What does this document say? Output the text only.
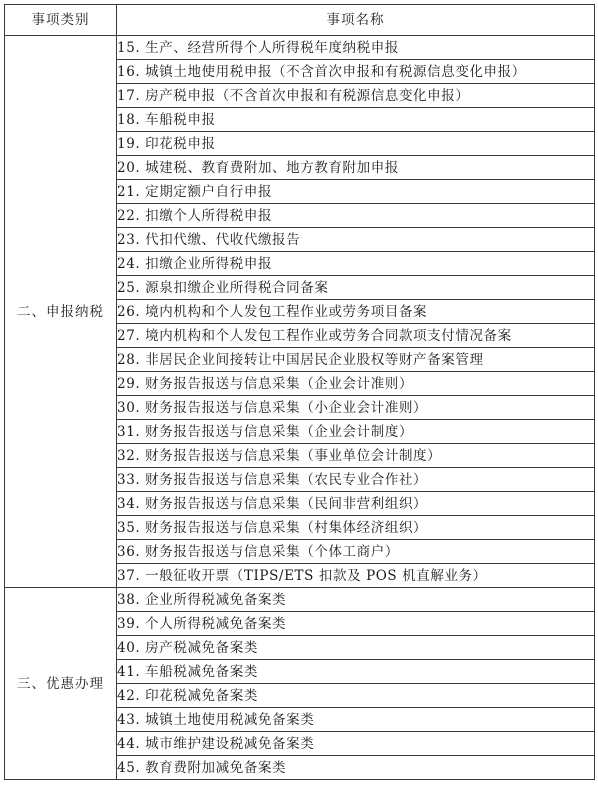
事项类别	事项名称
二、申报纳税	15. 生产、经营所得个人所得税年度纳税申报
	16. 城镇土地使用税申报（不含首次申报和有税源信息变化申报）
	17. 房产税申报（不含首次申报和有税源信息变化申报）
	18. 车船税申报
	19. 印花税申报
	20. 城建税、教育费附加、地方教育附加申报
	21. 定期定额户自行申报
	22. 扣缴个人所得税申报
	23. 代扣代缴、代收代缴报告
	24. 扣缴企业所得税申报
	25. 源泉扣缴企业所得税合同备案
	26. 境内机构和个人发包工程作业或劳务项目备案
	27. 境内机构和个人发包工程作业或劳务合同款项支付情况备案
	28. 非居民企业间接转让中国居民企业股权等财产备案管理
	29. 财务报告报送与信息采集（企业会计准则）
	30. 财务报告报送与信息采集（小企业会计准则）
	31. 财务报告报送与信息采集（企业会计制度）
	32. 财务报告报送与信息采集（事业单位会计制度）
	33. 财务报告报送与信息采集（农民专业合作社）
	34. 财务报告报送与信息采集（民间非营利组织）
	35. 财务报告报送与信息采集（村集体经济组织）
	36. 财务报告报送与信息采集（个体工商户）
	37. 一般征收开票（TIPS/ETS 扣款及 POS 机直解业务）
三、优惠办理	38. 企业所得税减免备案类
	39. 个人所得税减免备案类
	40. 房产税减免备案类
	41. 车船税减免备案类
	42. 印花税减免备案类
	43. 城镇土地使用税减免备案类
	44. 城市维护建设税减免备案类
	45. 教育费附加减免备案类
